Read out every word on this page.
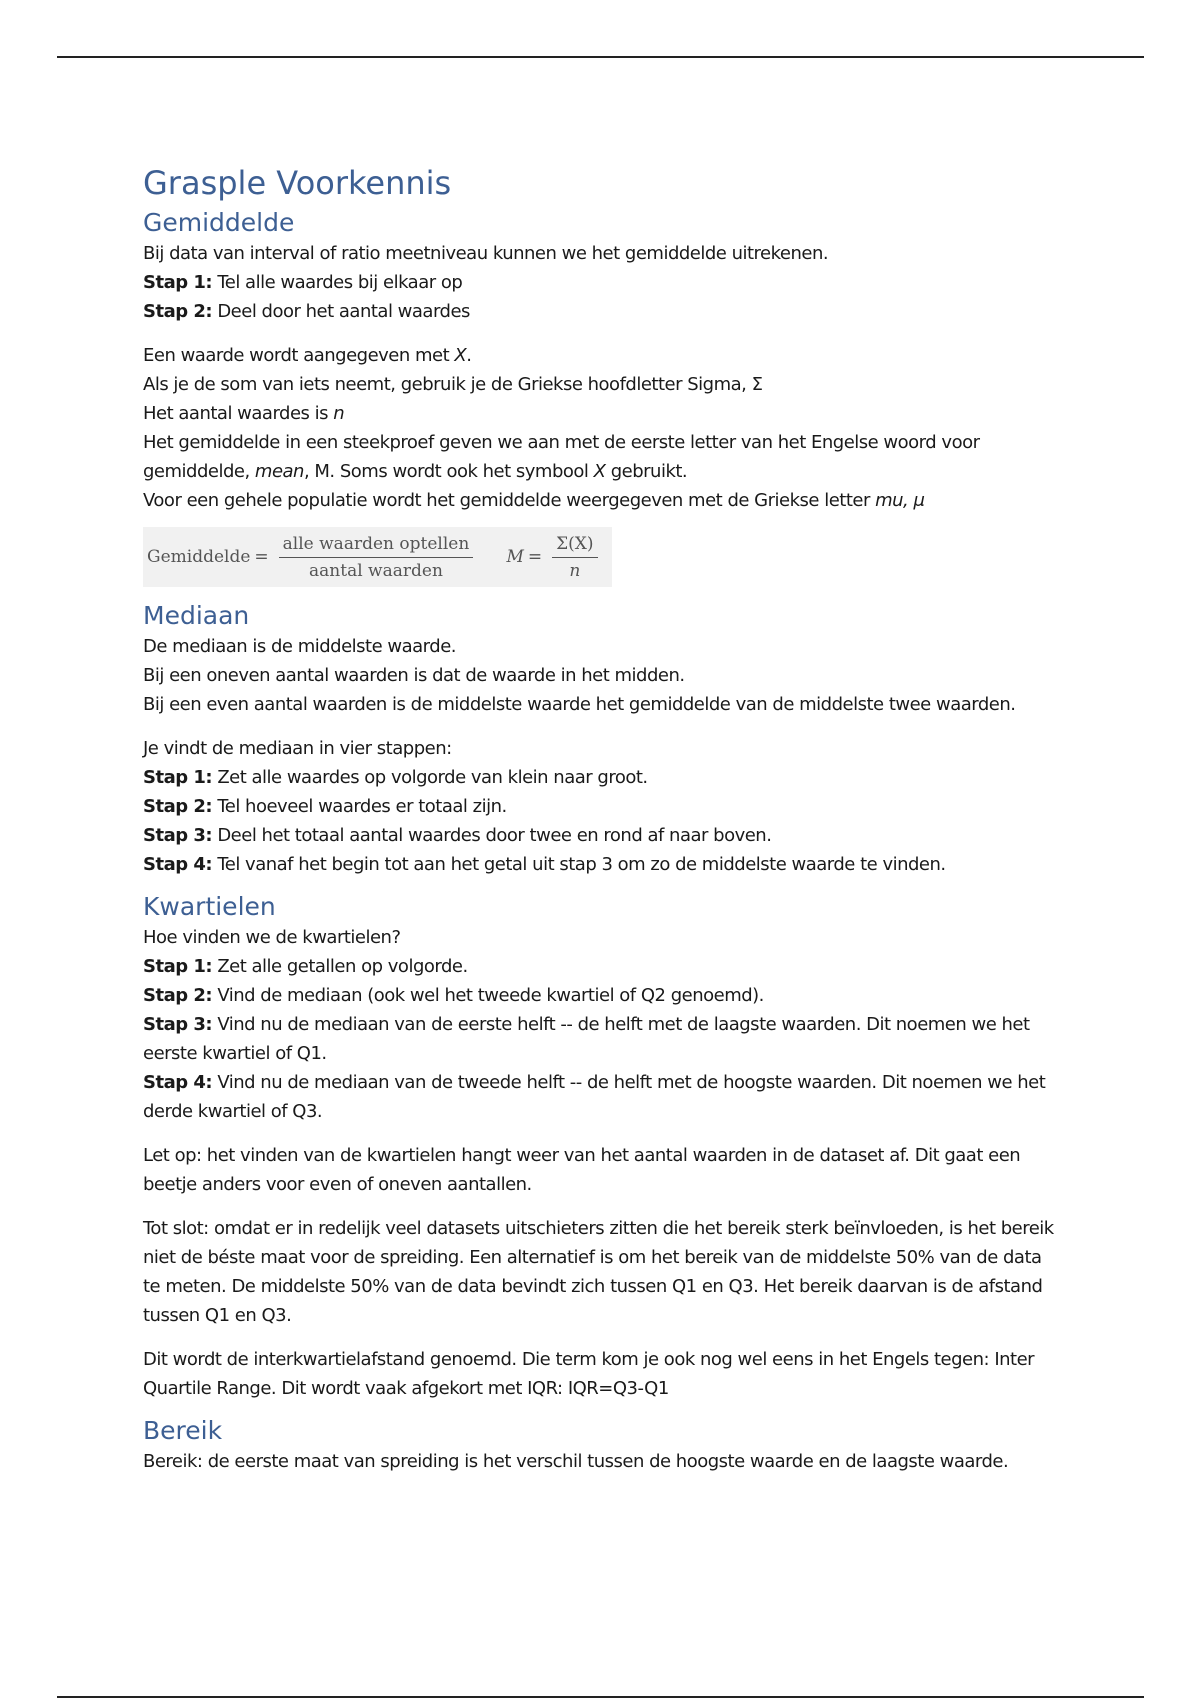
Grasple Voorkennis
Gemiddelde

Bij data van interval of ratio meetniveau kunnen we het gemiddelde uitrekenen.

Stap 1: Tel alle waardes bij elkaar op

Stap 2: Deel door het aantal waardes

Een waarde wordt aangegeven met X.

Als je de som van iets neemt, gebruik je de Griekse hoofdletter Sigma, Σ

Het aantal waardes is n

Het gemiddelde in een steekproef geven we aan met de eerste letter van het Engelse woord voor gemiddelde, mean, M. Soms wordt ook het symbool X gebruikt.

Voor een gehele populatie wordt het gemiddelde weergegeven met de Griekse letter mu, μ

Gemiddelde = $\frac{\text{alle waarden optellen}}{\text{aantal waarden}}$ $M = \frac{\Sigma(X)}{n}$
Mediaan

De mediaan is de middelste waarde.

Bij een oneven aantal waarden is dat de waarde in het midden.

Bij een even aantal waarden is de middelste waarde het gemiddelde van de middelste twee waarden.

Je vindt de mediaan in vier stappen:

Stap 1: Zet alle waardes op volgorde van klein naar groot.

Stap 2: Tel hoeveel waardes er totaal zijn.

Stap 3: Deel het totaal aantal waardes door twee en rond af naar boven.

Stap 4: Tel vanaf het begin tot aan het getal uit stap 3 om zo de middelste waarde te vinden.

Kwartielen

Hoe vinden we de kwartielen?

Stap 1: Zet alle getallen op volgorde.

Stap 2: Vind de mediaan (ook wel het tweede kwartiel of Q2 genoemd).

Stap 3: Vind nu de mediaan van de eerste helft -- de helft met de laagste waarden. Dit noemen we het eerste kwartiel of Q1.

Stap 4: Vind nu de mediaan van de tweede helft -- de helft met de hoogste waarden. Dit noemen we het derde kwartiel of Q3.

Let op: het vinden van de kwartielen hangt weer van het aantal waarden in de dataset af. Dit gaat een beetje anders voor even of oneven aantallen.

Tot slot: omdat er in redelijk veel datasets uitschieters zitten die het bereik sterk beïnvloeden, is het bereik niet de béste maat voor de spreiding. Een alternatief is om het bereik van de middelste 50% van de data te meten. De middelste 50% van de data bevindt zich tussen Q1 en Q3. Het bereik daarvan is de afstand tussen Q1 en Q3.

Dit wordt de interkwartielafstand genoemd. Die term kom je ook nog wel eens in het Engels tegen: Inter Quartile Range. Dit wordt vaak afgekort met IQR: IQR=Q3-Q1

Bereik

Bereik: de eerste maat van spreiding is het verschil tussen de hoogste waarde en de laagste waarde.
